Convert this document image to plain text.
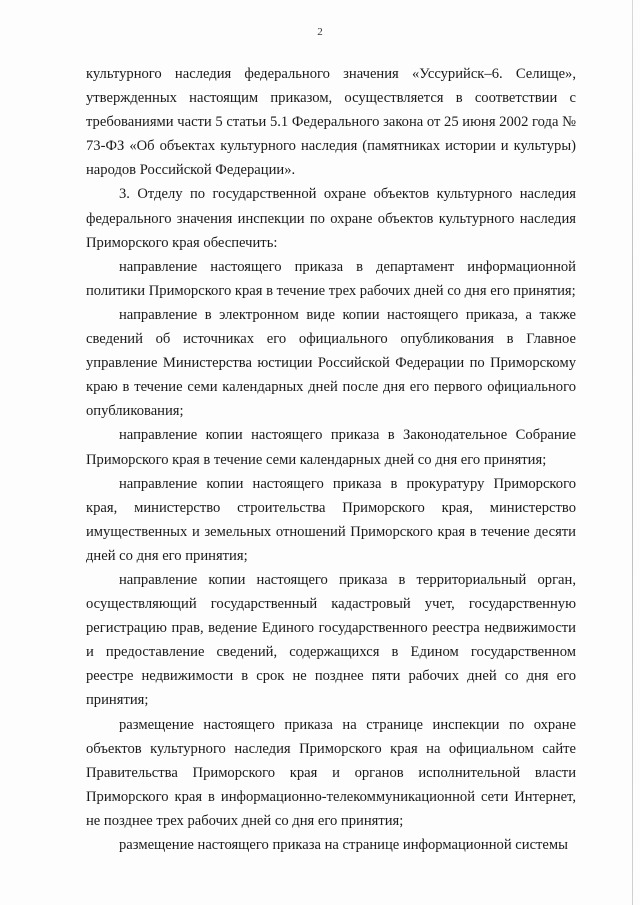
2

культурного наследия федерального значения «Уссурийск–6. Селище», утвержденных настоящим приказом, осуществляется в соответствии с требованиями части 5 статьи 5.1 Федерального закона от 25 июня 2002 года № 73-ФЗ «Об объектах культурного наследия (памятниках истории и культуры) народов Российской Федерации».

3. Отделу по государственной охране объектов культурного наследия федерального значения инспекции по охране объектов культурного наследия Приморского края обеспечить:

направление настоящего приказа в департамент информационной политики Приморского края в течение трех рабочих дней со дня его принятия;

направление в электронном виде копии настоящего приказа, а также сведений об источниках его официального опубликования в Главное управление Министерства юстиции Российской Федерации по Приморскому краю в течение семи календарных дней после дня его первого официального опубликования;

направление копии настоящего приказа в Законодательное Собрание Приморского края в течение семи календарных дней со дня его принятия;

направление копии настоящего приказа в прокуратуру Приморского края, министерство строительства Приморского края, министерство имущественных и земельных отношений Приморского края в течение десяти дней со дня его принятия;

направление копии настоящего приказа в территориальный орган, осуществляющий государственный кадастровый учет, государственную регистрацию прав, ведение Единого государственного реестра недвижимости и предоставление сведений, содержащихся в Едином государственном реестре недвижимости в срок не позднее пяти рабочих дней со дня его принятия;

размещение настоящего приказа на странице инспекции по охране объектов культурного наследия Приморского края на официальном сайте Правительства Приморского края и органов исполнительной власти Приморского края в информационно-телекоммуникационной сети Интернет, не позднее трех рабочих дней со дня его принятия;

размещение настоящего приказа на странице информационной системы
